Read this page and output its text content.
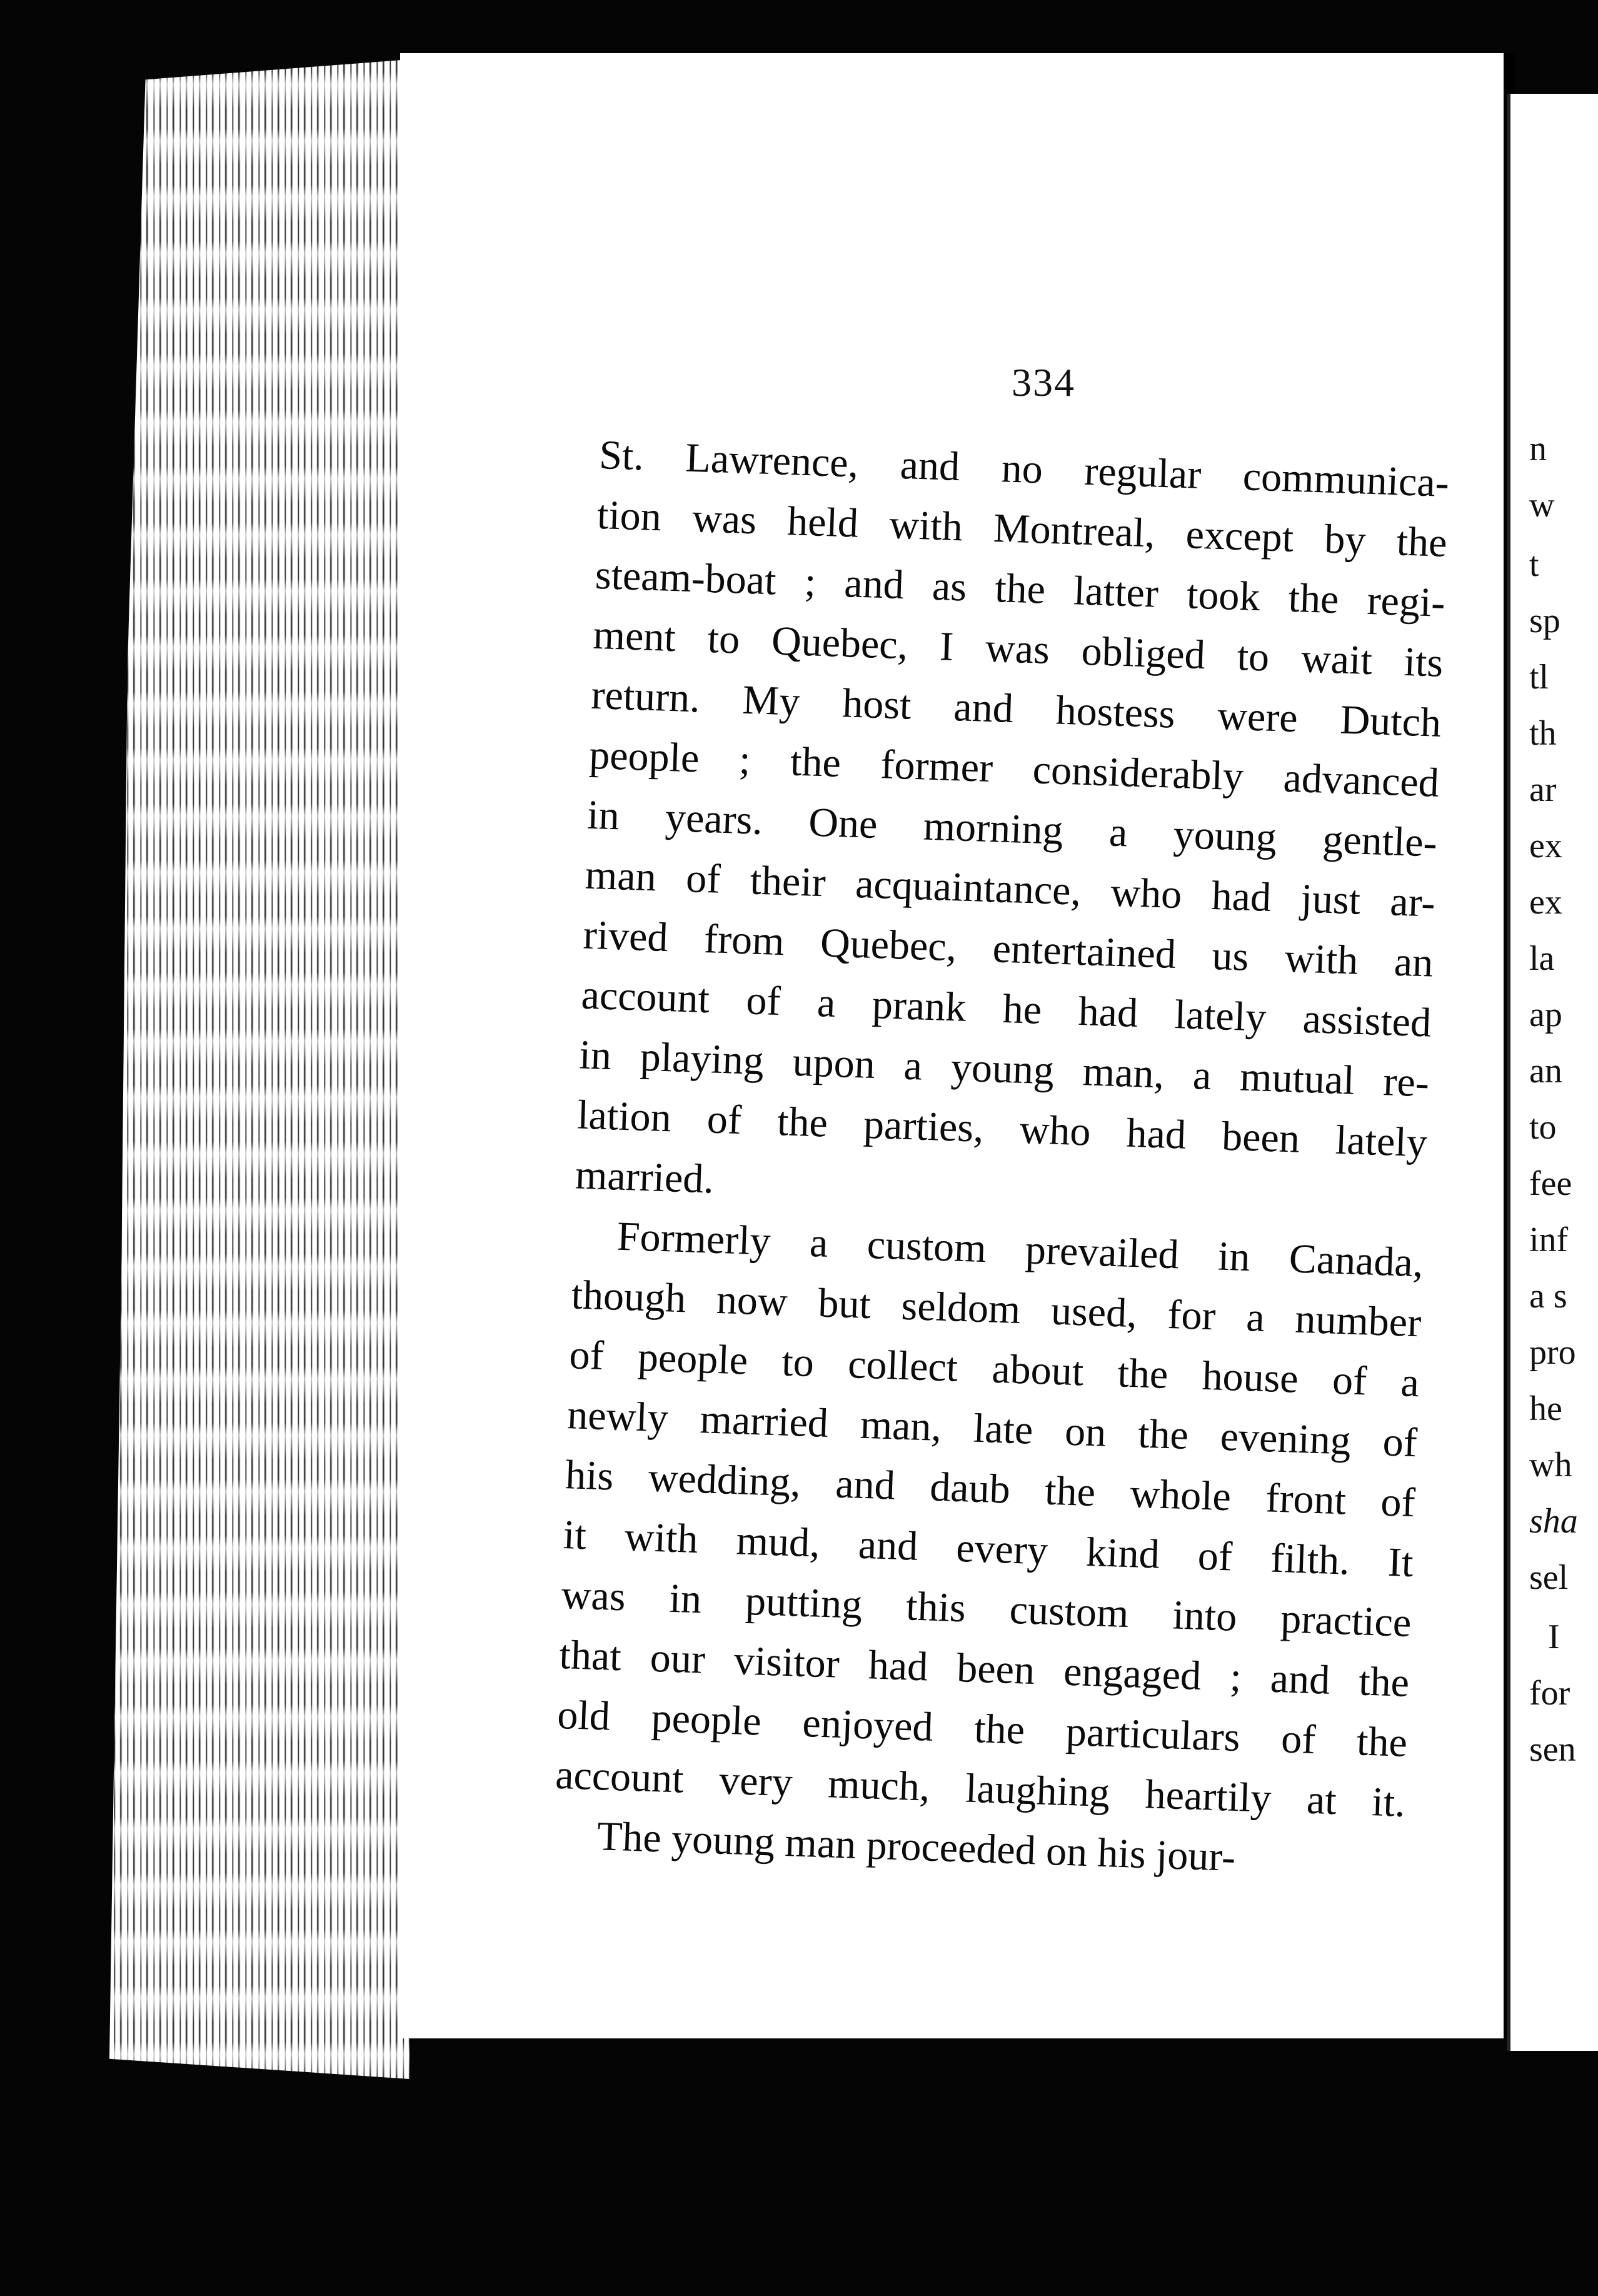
334
St. Lawrence, and no regular communica-
tion was held with Montreal, except by the
steam-boat ; and as the latter took the regi-
ment to Quebec, I was obliged to wait its
return. My host and hostess were Dutch
people ; the former considerably advanced
in years. One morning a young gentle-
man of their acquaintance, who had just ar-
rived from Quebec, entertained us with an
account of a prank he had lately assisted
in playing upon a young man, a mutual re-
lation of the parties, who had been lately
married.
Formerly a custom prevailed in Canada,
though now but seldom used, for a number
of people to collect about the house of a
newly married man, late on the evening of
his wedding, and daub the whole front of
it with mud, and every kind of filth. It
was in putting this custom into practice
that our visitor had been engaged ; and the
old people enjoyed the particulars of the
account very much, laughing heartily at it.
The young man proceeded on his jour-
n
w
t
sp
tl
th
ar
ex
ex
la
ap
an
to
fee
inf
a s
pro
he
wh
sha
sel
I
for
sen
